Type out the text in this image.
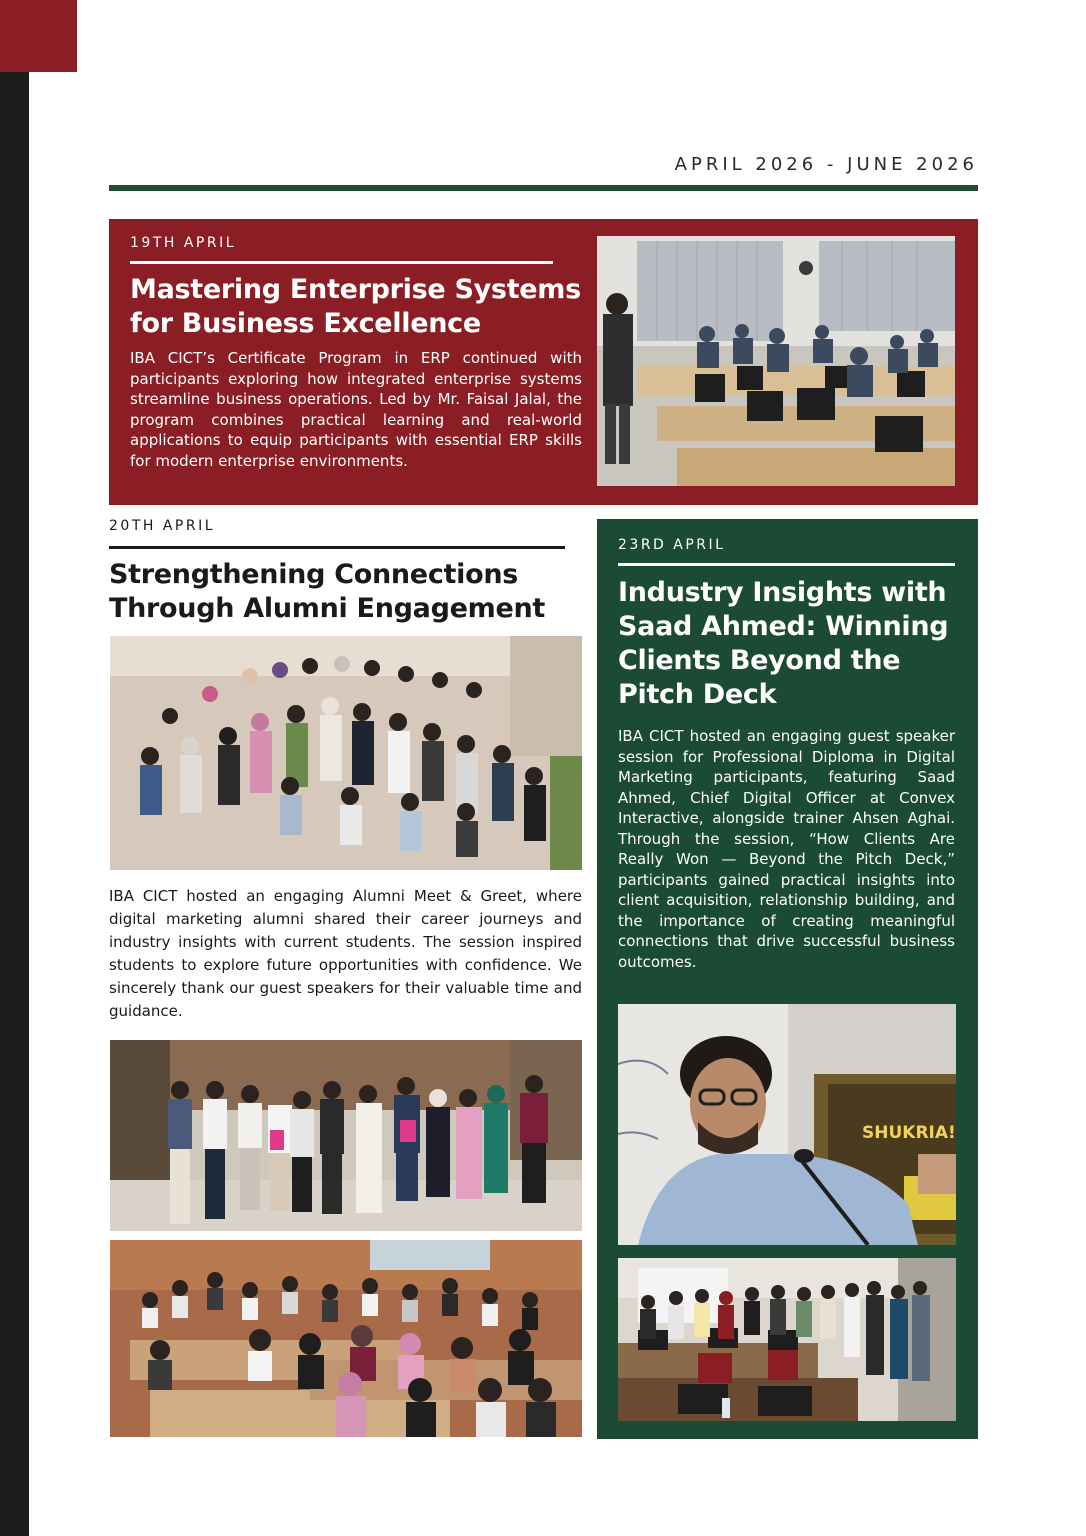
APRIL 2026 - JUNE 2026
19TH APRIL
Mastering Enterprise Systems for Business Excellence

IBA CICT’s Certificate Program in ERP continued with participants exploring how integrated enterprise systems streamline business operations. Led by Mr. Faisal Jalal, the program combines practical learning and real-world applications to equip participants with essential ERP skills for modern enterprise environments.

20TH APRIL
Strengthening Connections Through Alumni Engagement

IBA CICT hosted an engaging Alumni Meet & Greet, where digital marketing alumni shared their career journeys and industry insights with current students. The session inspired students to explore future opportunities with confidence. We sincerely thank our guest speakers for their valuable time and guidance.

23RD APRIL
Industry Insights with Saad Ahmed: Winning Clients Beyond the Pitch Deck

IBA CICT hosted an engaging guest speaker session for Professional Diploma in Digital Marketing participants, featuring Saad Ahmed, Chief Digital Officer at Convex Interactive, alongside trainer Ahsen Aghai. Through the session, “How Clients Are Really Won — Beyond the Pitch Deck,” participants gained practical insights into client acquisition, relationship building, and the importance of creating meaningful connections that drive successful business outcomes.

SHUKRIA!
